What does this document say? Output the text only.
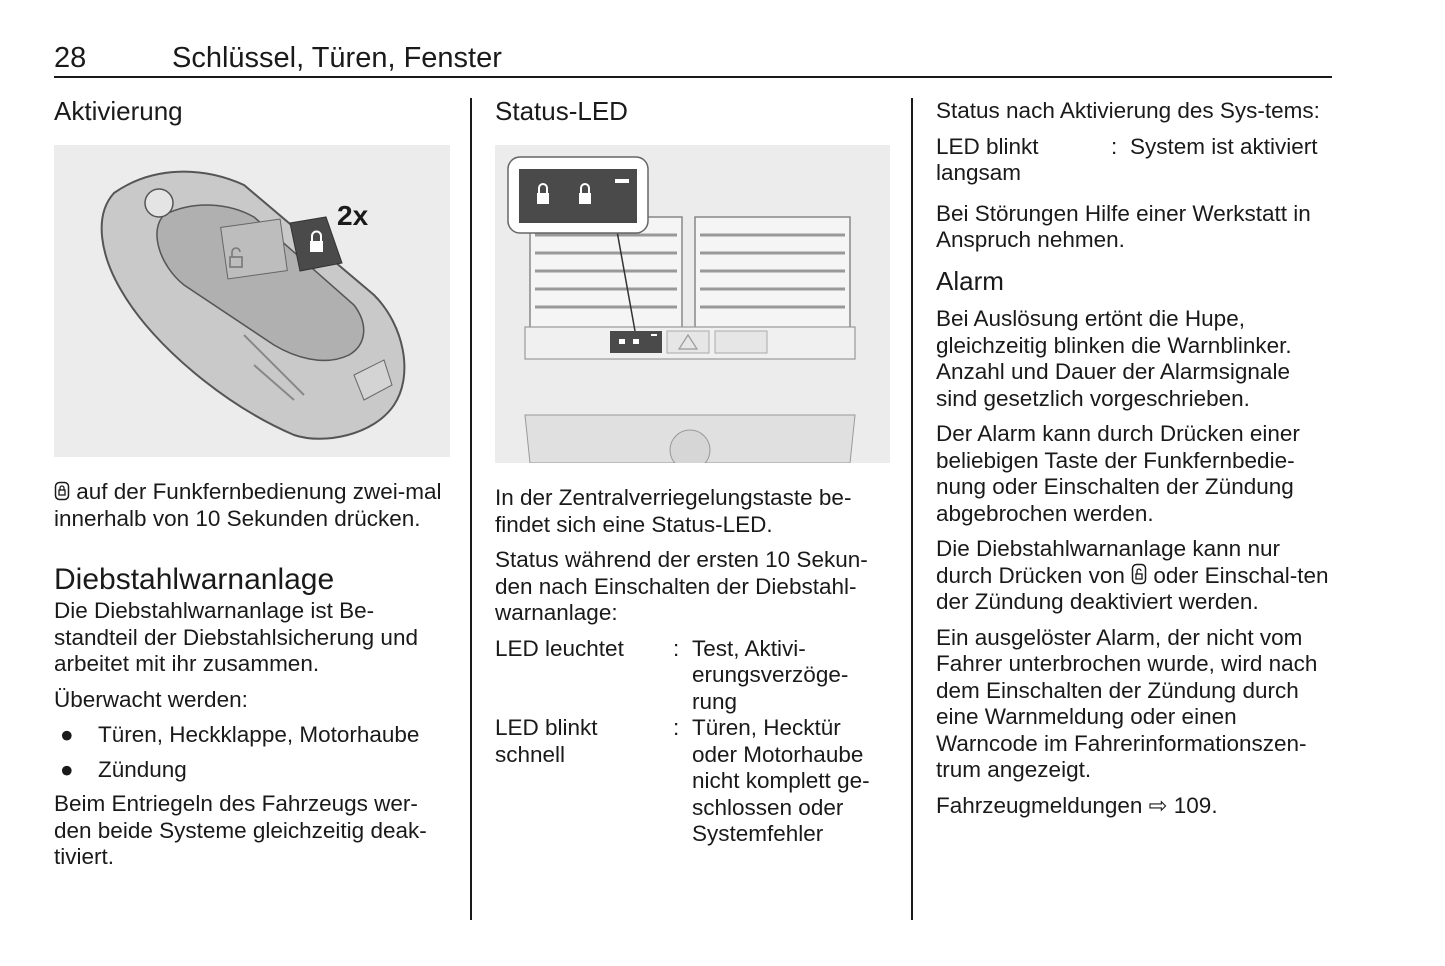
28	Schlüssel, Türen, Fenster
Aktivierung
2x

auf der Funkfernbedienung zwei-mal innerhalb von 10 Sekunden drücken.

Diebstahlwarnanlage

Die Diebstahlwarnanlage ist Be-standteil der Diebstahlsicherung und arbeitet mit ihr zusammen.

Überwacht werden:

● Türen, Heckklappe, Motorhaube
● Zündung

Beim Entriegeln des Fahrzeugs wer-den beide Systeme gleichzeitig deak-tiviert.

Status-LED

In der Zentralverriegelungstaste be-findet sich eine Status-LED.

Status während der ersten 10 Sekun-den nach Einschalten der Diebstahl-warnanlage:

LED leuchtet	:	Test, Aktivi-erungsverzöge-rung
LED blinkt schnell	:	Türen, Hecktür oder Motorhaube nicht komplett ge-schlossen oder Systemfehler

Status nach Aktivierung des Sys-tems:

LED blinkt langsam	:	System ist aktiviert

Bei Störungen Hilfe einer Werkstatt in Anspruch nehmen.

Alarm

Bei Auslösung ertönt die Hupe, gleichzeitig blinken die Warnblinker. Anzahl und Dauer der Alarmsignale sind gesetzlich vorgeschrieben.

Der Alarm kann durch Drücken einer beliebigen Taste der Funkfernbedie-nung oder Einschalten der Zündung abgebrochen werden.

Die Diebstahlwarnanlage kann nur durch Drücken von oder Einschal-ten der Zündung deaktiviert werden.

Ein ausgelöster Alarm, der nicht vom Fahrer unterbrochen wurde, wird nach dem Einschalten der Zündung durch eine Warnmeldung oder einen Warncode im Fahrerinformationszen-trum angezeigt.

Fahrzeugmeldungen ⇨ 109.
